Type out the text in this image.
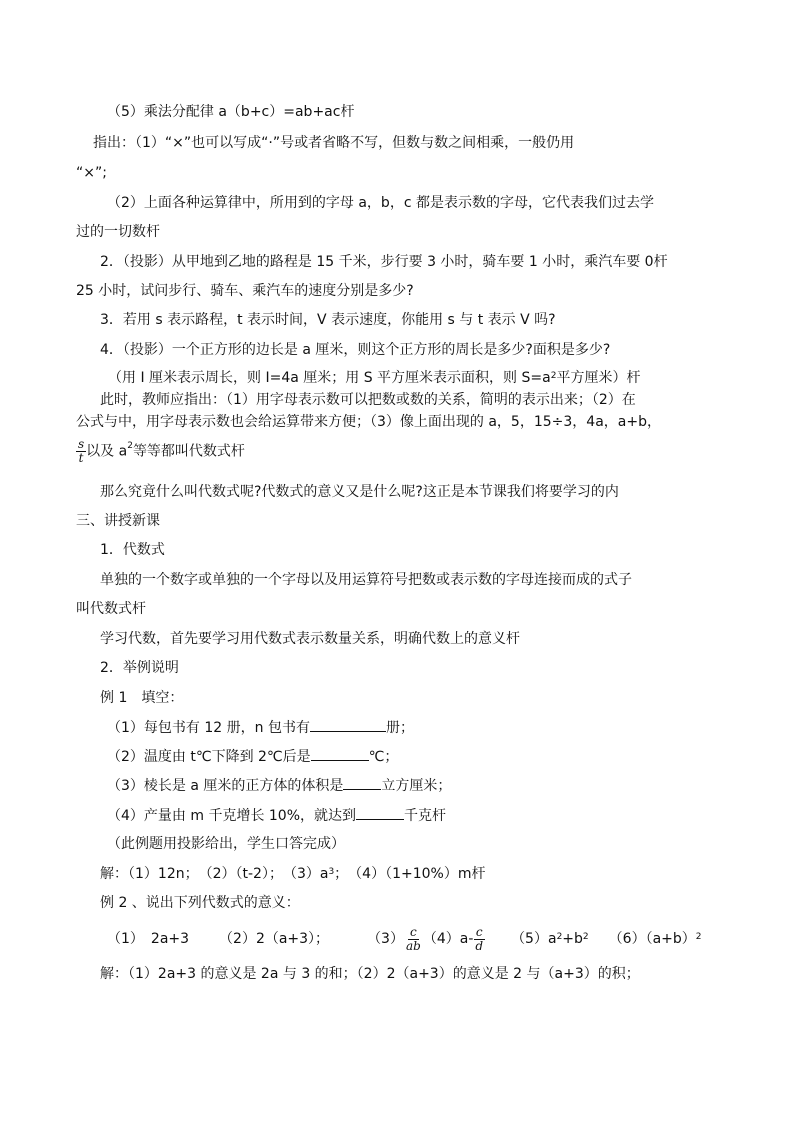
（5）乘法分配律 a（b+c）=ab+ac杆
指出：（1）“×”也可以写成“·”号或者省略不写，但数与数之间相乘，一般仍用
“×”;
（2）上面各种运算律中，所用到的字母 a，b，c 都是表示数的字母，它代表我们过去学
过的一切数杆
2．（投影）从甲地到乙地的路程是 15 千米，步行要 3 小时，骑车要 1 小时，乘汽车要 0杆
25 小时，试问步行、骑车、乘汽车的速度分别是多少?
3．若用 s 表示路程，t 表示时间，V 表示速度，你能用 s 与 t 表示 V 吗?
4．（投影）一个正方形的边长是 a 厘米，则这个正方形的周长是多少?面积是多少?
（用 I 厘米表示周长，则 I=4a 厘米；用 S 平方厘米表示面积，则 $S=a^2$平方厘米）杆
此时，教师应指出：（1）用字母表示数可以把数或数的关系，简明的表示出来；（2）在
公式与中，用字母表示数也会给运算带来方便；（3）像上面出现的 a，5，15÷3，4a，a+b，
$\frac{s}{t}$ 以及 $a^2$等等都叫代数式杆
那么究竟什么叫代数式呢?代数式的意义又是什么呢?这正是本节课我们将要学习的内
三、讲授新课
1．代数式
单独的一个数字或单独的一个字母以及用运算符号把数或表示数的字母连接而成的式子
叫代数式杆
学习代数，首先要学习用代数式表示数量关系，明确代数上的意义杆
2．举例说明
例 1　填空：
（1）每包书有 12 册，n 包书有	册；
（2）温度由 t℃下降到 2℃后是	℃；
（3）棱长是 a 厘米的正方体的体积是	立方厘米；
（4）产量由 m 千克增长 10%，就达到	千克杆
（此例题用投影给出，学生口答完成）
解：（1）12n；　（2）（t-2）；　$(3)a^3$；　（4）（1+10%）m杆
例 2 、说出下列代数式的意义：
（1）　2a+3 （2）2（a+3）；	$(3) \frac{c}{ab} (4)a- \frac{c}{d} (5)a^2+b^2$ $(6)(a+b)^2$
解：（1）2a+3 的意义是 2a 与 3 的和；（2）2（a+3）的意义是 2 与（a+3）的积；
